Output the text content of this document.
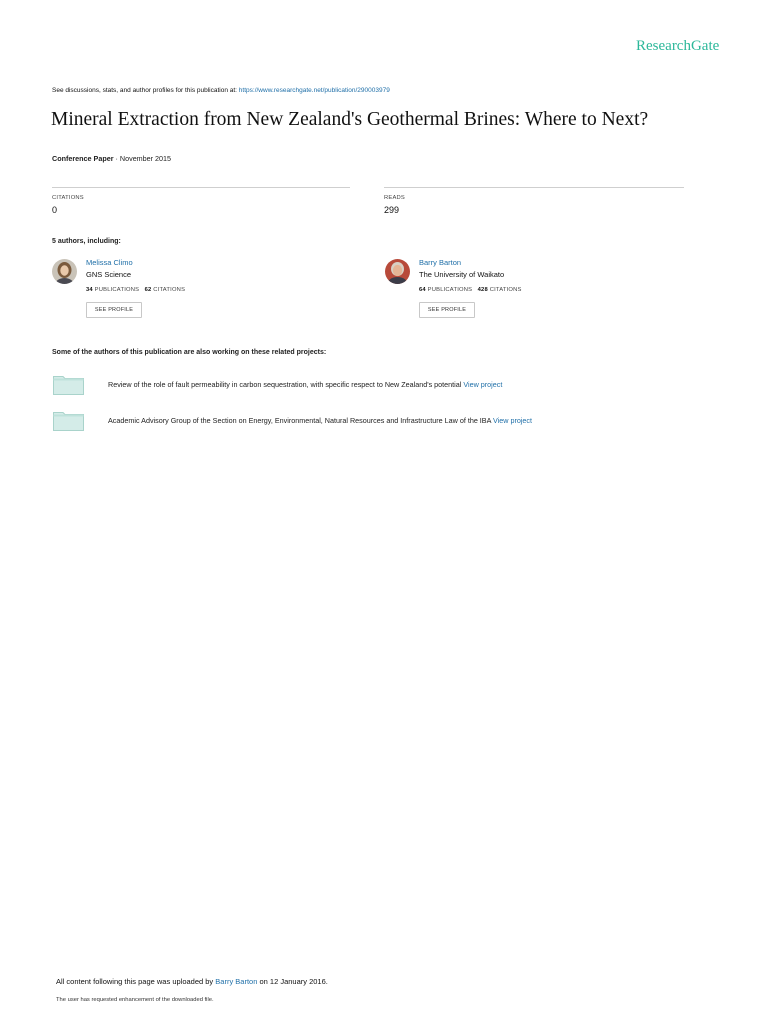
ResearchGate
See discussions, stats, and author profiles for this publication at: https://www.researchgate.net/publication/290003979
Mineral Extraction from New Zealand's Geothermal Brines: Where to Next?
Conference Paper · November 2015
CITATIONS
0
READS
299
5 authors, including:
Melissa Climo
GNS Science
34 PUBLICATIONS 62 CITATIONS
SEE PROFILE
Barry Barton
The University of Waikato
64 PUBLICATIONS 428 CITATIONS
SEE PROFILE
Some of the authors of this publication are also working on these related projects:
Review of the role of fault permeability in carbon sequestration, with specific respect to New Zealand's potential View project
Academic Advisory Group of the Section on Energy, Environmental, Natural Resources and Infrastructure Law of the IBA View project
All content following this page was uploaded by Barry Barton on 12 January 2016.
The user has requested enhancement of the downloaded file.
